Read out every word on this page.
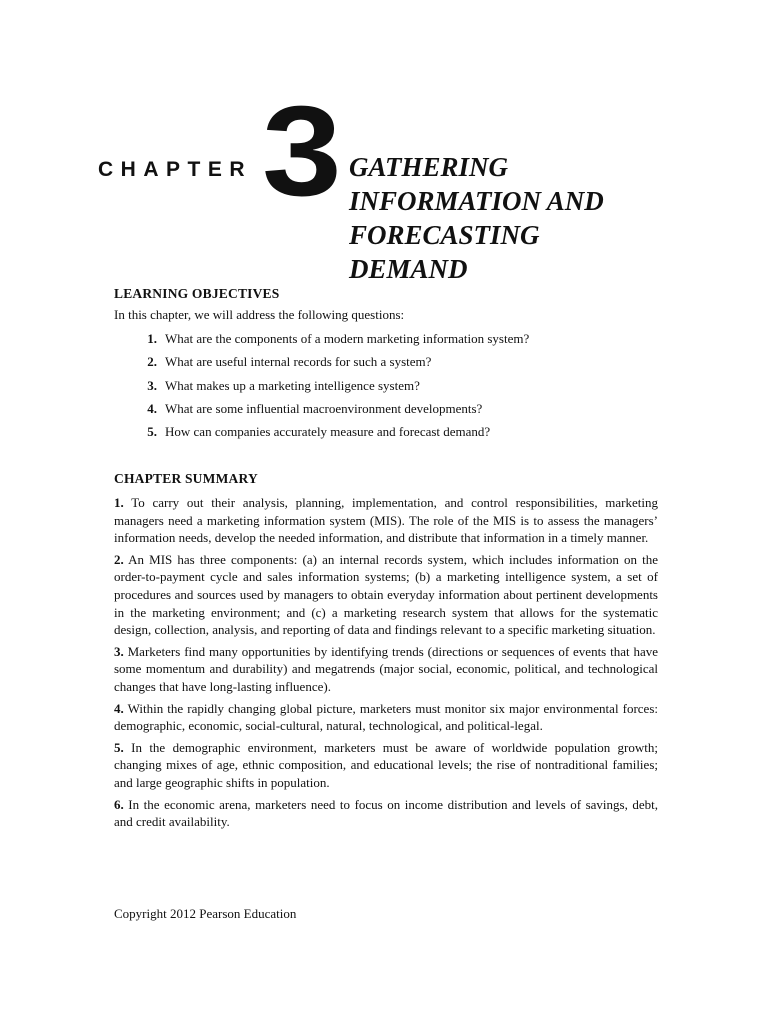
CHAPTER 3 GATHERING
INFORMATION AND
FORECASTING
DEMAND
LEARNING OBJECTIVES
In this chapter, we will address the following questions:
1. What are the components of a modern marketing information system?
2. What are useful internal records for such a system?
3. What makes up a marketing intelligence system?
4. What are some influential macroenvironment developments?
5. How can companies accurately measure and forecast demand?
CHAPTER SUMMARY

1. To carry out their analysis, planning, implementation, and control responsibilities, marketing managers need a marketing information system (MIS). The role of the MIS is to assess the managers’ information needs, develop the needed information, and distribute that information in a timely manner.

2. An MIS has three components: (a) an internal records system, which includes information on the order-to-payment cycle and sales information systems; (b) a marketing intelligence system, a set of procedures and sources used by managers to obtain everyday information about pertinent developments in the marketing environment; and (c) a marketing research system that allows for the systematic design, collection, analysis, and reporting of data and findings relevant to a specific marketing situation.

3. Marketers find many opportunities by identifying trends (directions or sequences of events that have some momentum and durability) and megatrends (major social, economic, political, and technological changes that have long-lasting influence).

4. Within the rapidly changing global picture, marketers must monitor six major environmental forces: demographic, economic, social-cultural, natural, technological, and political-legal.

5. In the demographic environment, marketers must be aware of worldwide population growth; changing mixes of age, ethnic composition, and educational levels; the rise of nontraditional families; and large geographic shifts in population.

6. In the economic arena, marketers need to focus on income distribution and levels of savings, debt, and credit availability.

Copyright 2012 Pearson Education
